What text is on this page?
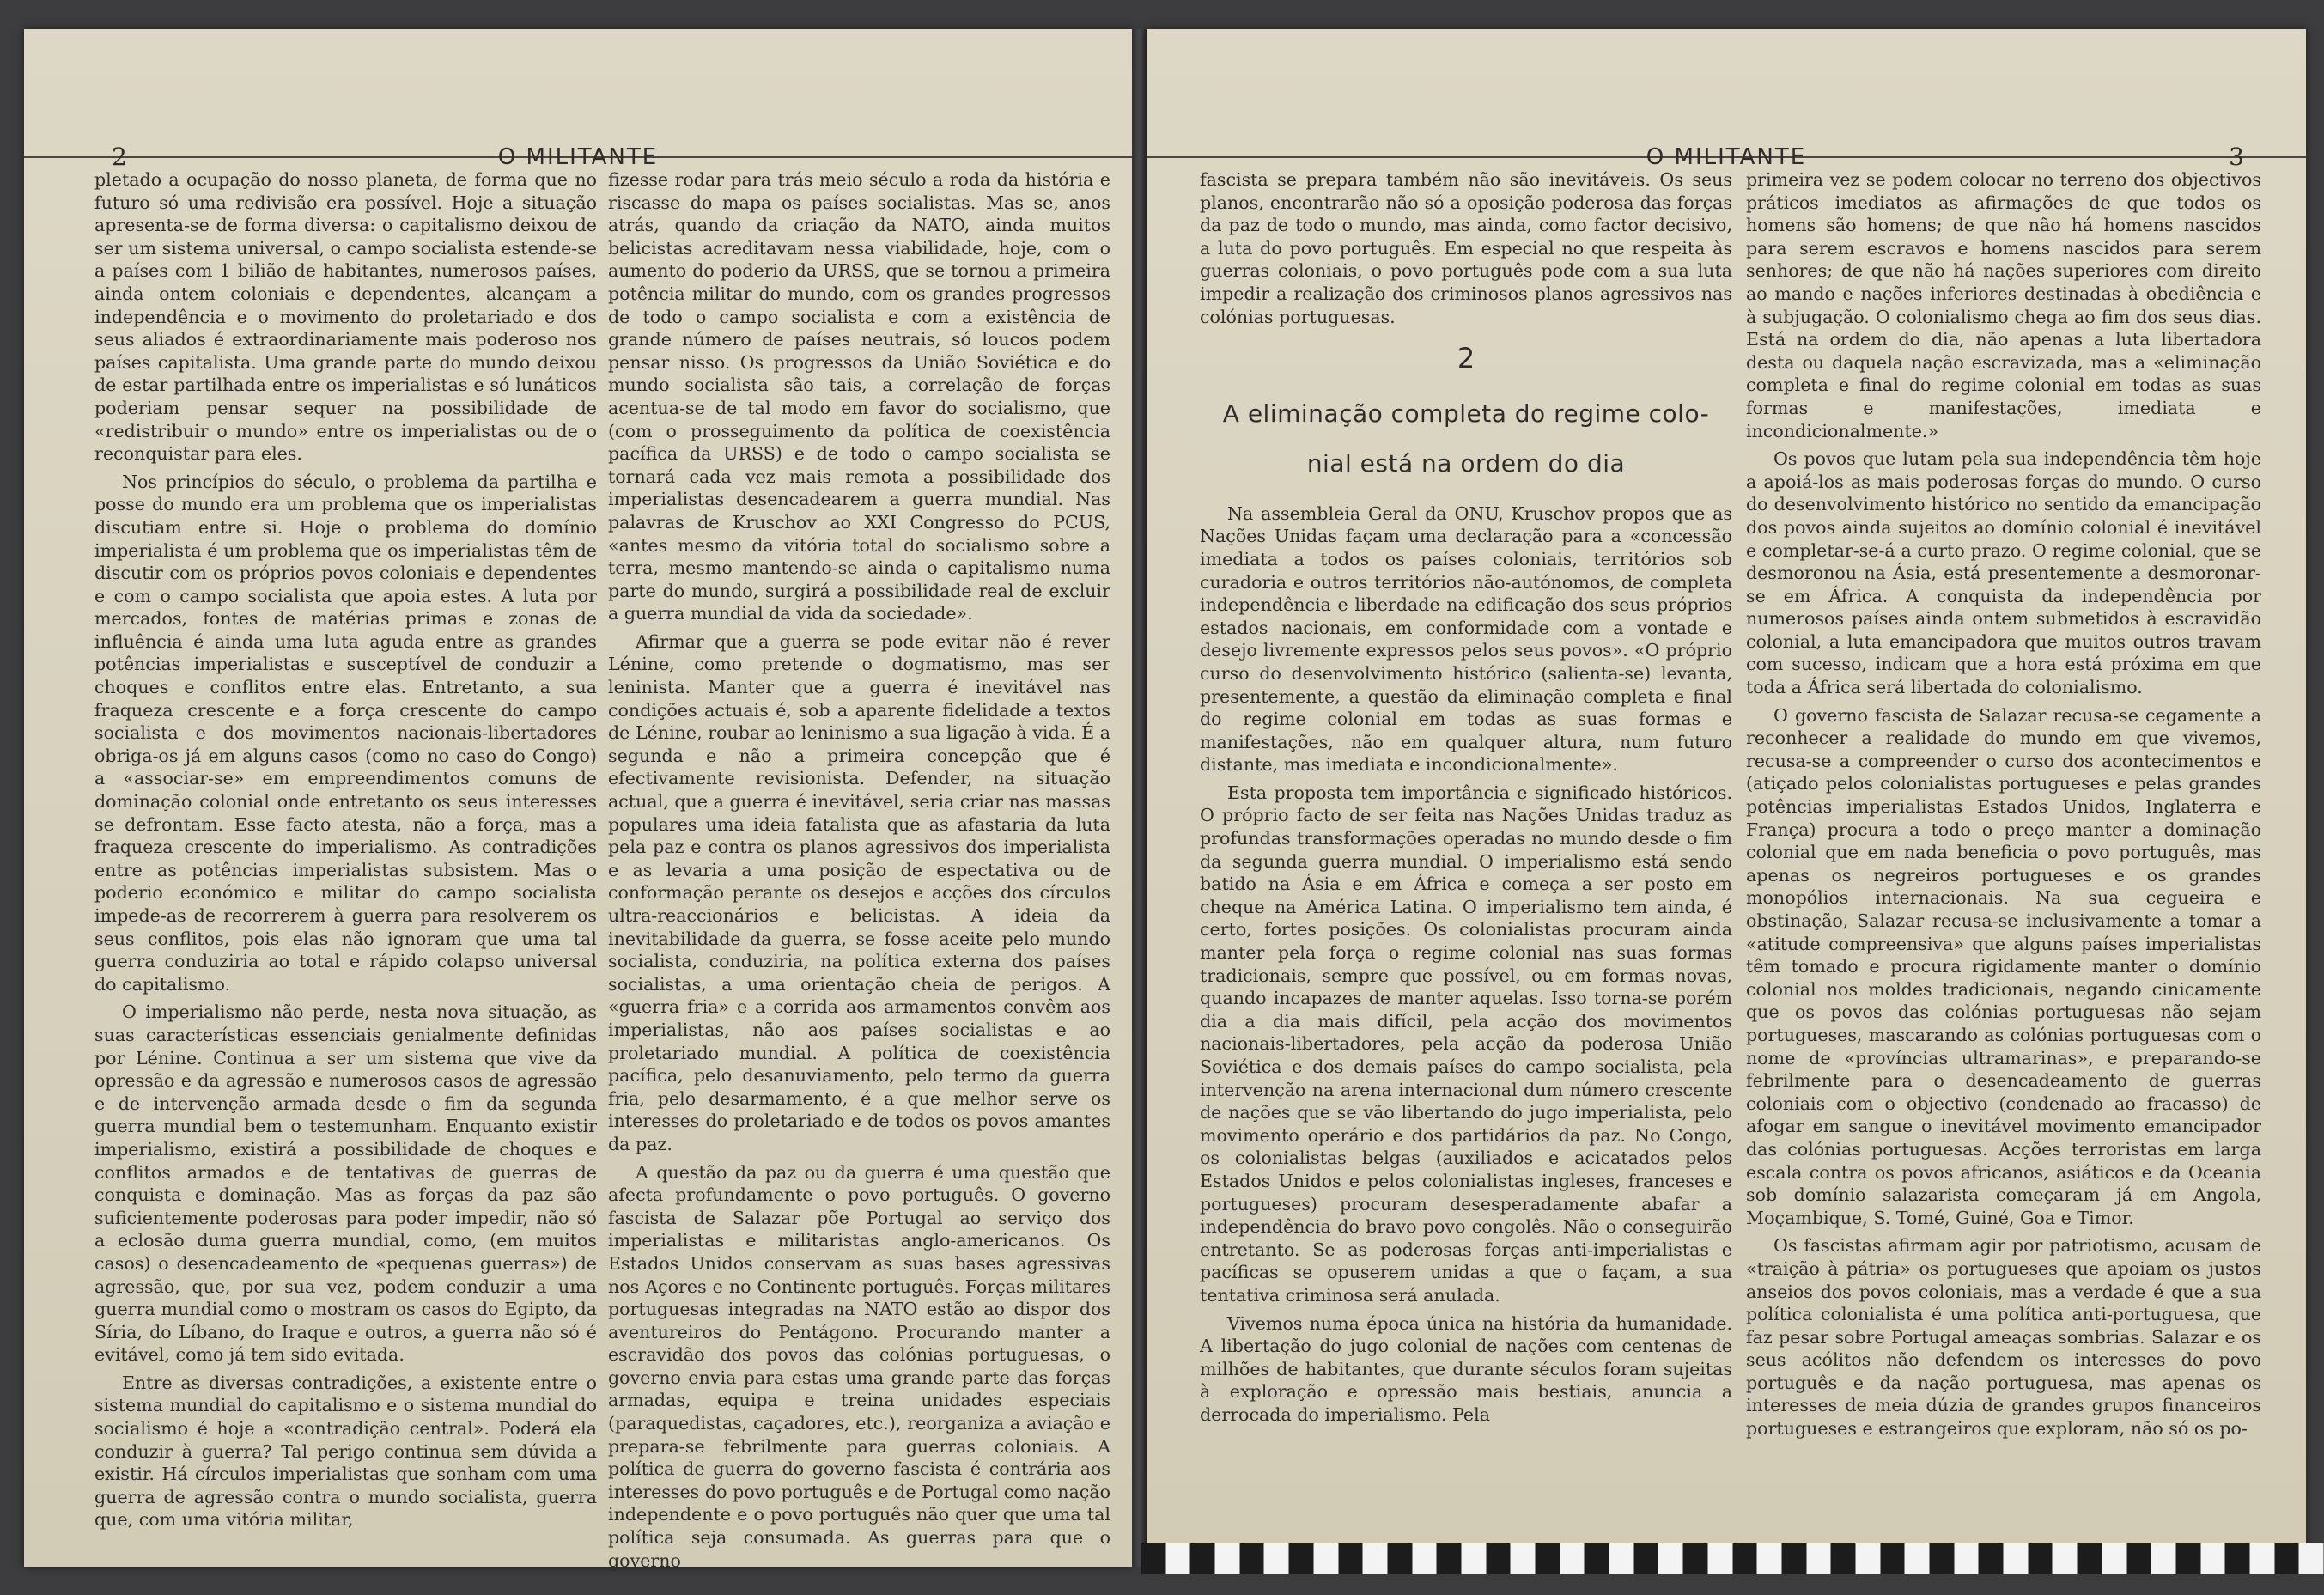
2	O MILITANTE

pletado a ocupação do nosso planeta, de forma que no futuro só uma redivisão era possível. Hoje a situação apresenta-se de forma diversa: o capitalismo deixou de ser um sistema universal, o campo socialista estende-se a países com 1 bilião de habitantes, numerosos países, ainda ontem coloniais e dependentes, alcançam a independência e o movimento do proletariado e dos seus aliados é extraordinariamente mais poderoso nos países capitalista. Uma grande parte do mundo deixou de estar partilhada entre os imperialistas e só lunáticos poderiam pensar sequer na possibilidade de «redistribuir o mundo» entre os imperialistas ou de o reconquistar para eles.

Nos princípios do século, o problema da partilha e posse do mundo era um problema que os imperialistas discutiam entre si. Hoje o problema do domínio imperialista é um problema que os imperialistas têm de discutir com os próprios povos coloniais e dependentes e com o campo socialista que apoia estes. A luta por mercados, fontes de matérias primas e zonas de influência é ainda uma luta aguda entre as grandes potências imperialistas e susceptível de conduzir a choques e conflitos entre elas. Entretanto, a sua fraqueza crescente e a força crescente do campo socialista e dos movimentos nacionais-libertadores obriga-os já em alguns casos (como no caso do Congo) a «associar-se» em empreendimentos comuns de dominação colonial onde entretanto os seus interesses se defrontam. Esse facto atesta, não a força, mas a fraqueza crescente do imperialismo. As contradições entre as potências imperialistas subsistem. Mas o poderio económico e militar do campo socialista impede-as de recorrerem à guerra para resolverem os seus conflitos, pois elas não ignoram que uma tal guerra conduziria ao total e rápido colapso universal do capitalismo.

O imperialismo não perde, nesta nova situação, as suas características essenciais genialmente definidas por Lénine. Continua a ser um sistema que vive da opressão e da agressão e numerosos casos de agressão e de intervenção armada desde o fim da segunda guerra mundial bem o testemunham. Enquanto existir imperialismo, existirá a possibilidade de choques e conflitos armados e de tentativas de guerras de conquista e dominação. Mas as forças da paz são suficientemente poderosas para poder impedir, não só a eclosão duma guerra mundial, como, (em muitos casos) o desencadeamento de «pequenas guerras») de agressão, que, por sua vez, podem conduzir a uma guerra mundial como o mostram os casos do Egipto, da Síria, do Líbano, do Iraque e outros, a guerra não só é evitável, como já tem sido evitada.

Entre as diversas contradições, a existente entre o sistema mundial do capitalismo e o sistema mundial do socialismo é hoje a «contradição central». Poderá ela conduzir à guerra? Tal perigo continua sem dúvida a existir. Há círculos imperialistas que sonham com uma guerra de agressão contra o mundo socialista, guerra que, com uma vitória militar,

fizesse rodar para trás meio século a roda da história e riscasse do mapa os países socialistas. Mas se, anos atrás, quando da criação da NATO, ainda muitos belicistas acreditavam nessa viabilidade, hoje, com o aumento do poderio da URSS, que se tornou a primeira potência militar do mundo, com os grandes progressos de todo o campo socialista e com a existência de grande número de países neutrais, só loucos podem pensar nisso. Os progressos da União Soviética e do mundo socialista são tais, a correlação de forças acentua-se de tal modo em favor do socialismo, que (com o prosseguimento da política de coexistência pacífica da URSS) e de todo o campo socialista se tornará cada vez mais remota a possibilidade dos imperialistas desencadearem a guerra mundial. Nas palavras de Kruschov ao XXI Congresso do PCUS, «antes mesmo da vitória total do socialismo sobre a terra, mesmo mantendo-se ainda o capitalismo numa parte do mundo, surgirá a possibilidade real de excluir a guerra mundial da vida da sociedade».

Afirmar que a guerra se pode evitar não é rever Lénine, como pretende o dogmatismo, mas ser leninista. Manter que a guerra é inevitável nas condições actuais é, sob a aparente fidelidade a textos de Lénine, roubar ao leninismo a sua ligação à vida. É a segunda e não a primeira concepção que é efectivamente revisionista. Defender, na situação actual, que a guerra é inevitável, seria criar nas massas populares uma ideia fatalista que as afastaria da luta pela paz e contra os planos agressivos dos imperialista e as levaria a uma posição de espectativa ou de conformação perante os desejos e acções dos círculos ultra-reaccionários e belicistas. A ideia da inevitabilidade da guerra, se fosse aceite pelo mundo socialista, conduziria, na política externa dos países socialistas, a uma orientação cheia de perigos. A «guerra fria» e a corrida aos armamentos convêm aos imperialistas, não aos países socialistas e ao proletariado mundial. A política de coexistência pacífica, pelo desanuviamento, pelo termo da guerra fria, pelo desarmamento, é a que melhor serve os interesses do proletariado e de todos os povos amantes da paz.

A questão da paz ou da guerra é uma questão que afecta profundamente o povo português. O governo fascista de Salazar põe Portugal ao serviço dos imperialistas e militaristas anglo-americanos. Os Estados Unidos conservam as suas bases agressivas nos Açores e no Continente português. Forças militares portuguesas integradas na NATO estão ao dispor dos aventureiros do Pentágono. Procurando manter a escravidão dos povos das colónias portuguesas, o governo envia para estas uma grande parte das forças armadas, equipa e treina unidades especiais (paraquedistas, caçadores, etc.), reorganiza a aviação e prepara-se febrilmente para guerras coloniais. A política de guerra do governo fascista é contrária aos interesses do povo português e de Portugal como nação independente e o povo português não quer que uma tal política seja consumada. As guerras para que o governo

3
O MILITANTE

fascista se prepara também não são inevitáveis. Os seus planos, encontrarão não só a oposição poderosa das forças da paz de todo o mundo, mas ainda, como factor decisivo, a luta do povo português. Em especial no que respeita às guerras coloniais, o povo português pode com a sua luta impedir a realização dos criminosos planos agressivos nas colónias portuguesas.

2
A eliminação completa do regime colo-
nial está na ordem do dia

Na assembleia Geral da ONU, Kruschov propos que as Nações Unidas façam uma declaração para a «concessão imediata a todos os países coloniais, territórios sob curadoria e outros territórios não-autónomos, de completa independência e liberdade na edificação dos seus próprios estados nacionais, em conformidade com a vontade e desejo livremente expressos pelos seus povos». «O próprio curso do desenvolvimento histórico (salienta-se) levanta, presentemente, a questão da eliminação completa e final do regime colonial em todas as suas formas e manifestações, não em qualquer altura, num futuro distante, mas imediata e incondicionalmente».

Esta proposta tem importância e significado históricos. O próprio facto de ser feita nas Nações Unidas traduz as profundas transformações operadas no mundo desde o fim da segunda guerra mundial. O imperialismo está sendo batido na Ásia e em África e começa a ser posto em cheque na América Latina. O imperialismo tem ainda, é certo, fortes posições. Os colonialistas procuram ainda manter pela força o regime colonial nas suas formas tradicionais, sempre que possível, ou em formas novas, quando incapazes de manter aquelas. Isso torna-se porém dia a dia mais difícil, pela acção dos movimentos nacionais-libertadores, pela acção da poderosa União Soviética e dos demais países do campo socialista, pela intervenção na arena internacional dum número crescente de nações que se vão libertando do jugo imperialista, pelo movimento operário e dos partidários da paz. No Congo, os colonialistas belgas (auxiliados e acicatados pelos Estados Unidos e pelos colonialistas ingleses, franceses e portugueses) procuram desesperadamente abafar a independência do bravo povo congolês. Não o conseguirão entretanto. Se as poderosas forças anti-imperialistas e pacíficas se opuserem unidas a que o façam, a sua tentativa criminosa será anulada.

Vivemos numa época única na história da humanidade. A libertação do jugo colonial de nações com centenas de milhões de habitantes, que durante séculos foram sujeitas à exploração e opressão mais bestiais, anuncia a derrocada do imperialismo. Pela

primeira vez se podem colocar no terreno dos objectivos práticos imediatos as afirmações de que todos os homens são homens; de que não há homens nascidos para serem escravos e homens nascidos para serem senhores; de que não há nações superiores com direito ao mando e nações inferiores destinadas à obediência e à subjugação. O colonialismo chega ao fim dos seus dias. Está na ordem do dia, não apenas a luta libertadora desta ou daquela nação escravizada, mas a «eliminação completa e final do regime colonial em todas as suas formas e manifestações, imediata e incondicionalmente.»

Os povos que lutam pela sua independência têm hoje a apoiá-los as mais poderosas forças do mundo. O curso do desenvolvimento histórico no sentido da emancipação dos povos ainda sujeitos ao domínio colonial é inevitável e completar-se-á a curto prazo. O regime colonial, que se desmoronou na Ásia, está presentemente a desmoronar-se em África. A conquista da independência por numerosos países ainda ontem submetidos à escravidão colonial, a luta emancipadora que muitos outros travam com sucesso, indicam que a hora está próxima em que toda a África será libertada do colonialismo.

O governo fascista de Salazar recusa-se cegamente a reconhecer a realidade do mundo em que vivemos, recusa-se a compreender o curso dos acontecimentos e (atiçado pelos colonialistas portugueses e pelas grandes potências imperialistas Estados Unidos, Inglaterra e França) procura a todo o preço manter a dominação colonial que em nada beneficia o povo português, mas apenas os negreiros portugueses e os grandes monopólios internacionais. Na sua cegueira e obstinação, Salazar recusa-se inclusivamente a tomar a «atitude compreensiva» que alguns países imperialistas têm tomado e procura rigidamente manter o domínio colonial nos moldes tradicionais, negando cinicamente que os povos das colónias portuguesas não sejam portugueses, mascarando as colónias portuguesas com o nome de «províncias ultramarinas», e preparando-se febrilmente para o desencadeamento de guerras coloniais com o objectivo (condenado ao fracasso) de afogar em sangue o inevitável movimento emancipador das colónias portuguesas. Acções terroristas em larga escala contra os povos africanos, asiáticos e da Oceania sob domínio salazarista começaram já em Angola, Moçambique, S. Tomé, Guiné, Goa e Timor.

Os fascistas afirmam agir por patriotismo, acusam de «traição à pátria» os portugueses que apoiam os justos anseios dos povos coloniais, mas a verdade é que a sua política colonialista é uma política anti-portuguesa, que faz pesar sobre Portugal ameaças sombrias. Salazar e os seus acólitos não defendem os interesses do povo português e da nação portuguesa, mas apenas os interesses de meia dúzia de grandes grupos financeiros portugueses e estrangeiros que exploram, não só os po-
